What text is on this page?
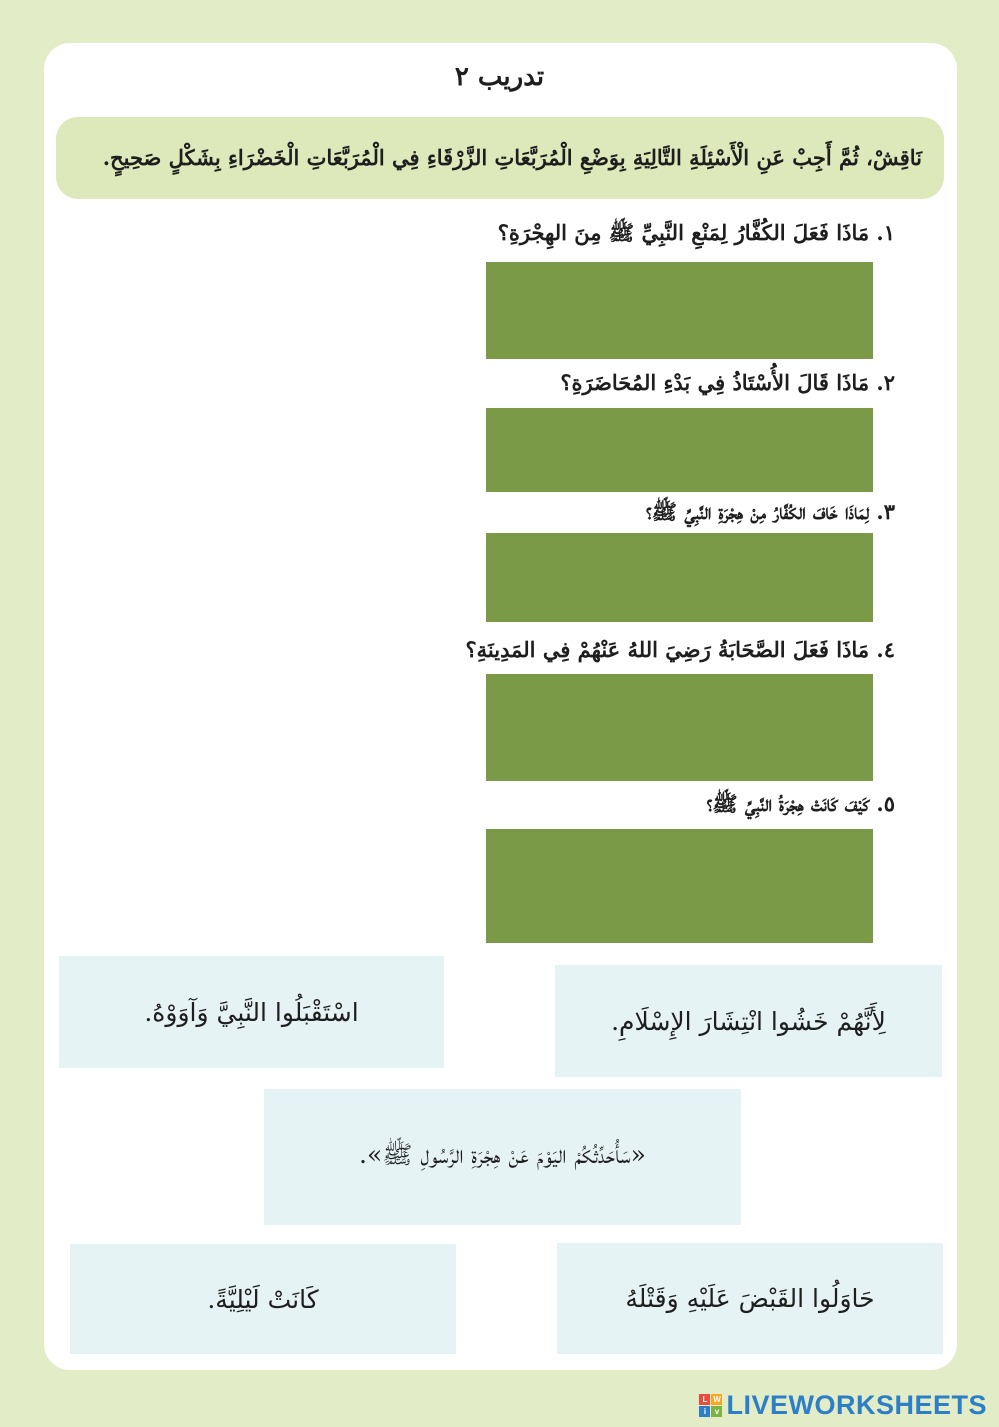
تدريب ٢
نَاقِشْ، ثُمَّ أَجِبْ عَنِ الْأَسْئِلَةِ التَّالِيَةِ بِوَضْعِ الْمُرَبَّعَاتِ الزَّرْقَاءِ فِي الْمُرَبَّعَاتِ الْخَضْرَاءِ بِشَكْلٍ صَحِيحٍ.
١. مَاذَا فَعَلَ الكُفَّارُ لِمَنْعِ النَّبِيِّ ﷺ مِنَ الهِجْرَةِ؟
٢. مَاذَا قَالَ الأُسْتَاذُ فِي بَدْءِ المُحَاضَرَةِ؟
٣. لِمَاذَا خَافَ الكُفَّارُ مِنْ هِجْرَةِ النَّبِيِّ ﷺ؟
٤. مَاذَا فَعَلَ الصَّحَابَةُ رَضِيَ اللهُ عَنْهُمْ فِي المَدِينَةِ؟
٥. كَيْفَ كَانَتْ هِجْرَةُ النَّبِيِّ ﷺ؟
اسْتَقْبَلُوا النَّبِيَّ وَآوَوْهُ.	لِأَنَّهُمْ خَشُوا انْتِشَارَ الإِسْلَامِ.
«سَأُحَدِّثُكُمْ اليَوْمَ عَنْ هِجْرَةِ الرَّسُولِ ﷺ».
كَانَتْ لَيْلِيَّةً.	حَاوَلُوا القَبْضَ عَلَيْهِ وَقَتْلَهُ
L W
i	v LIVEWORKSHEETS
